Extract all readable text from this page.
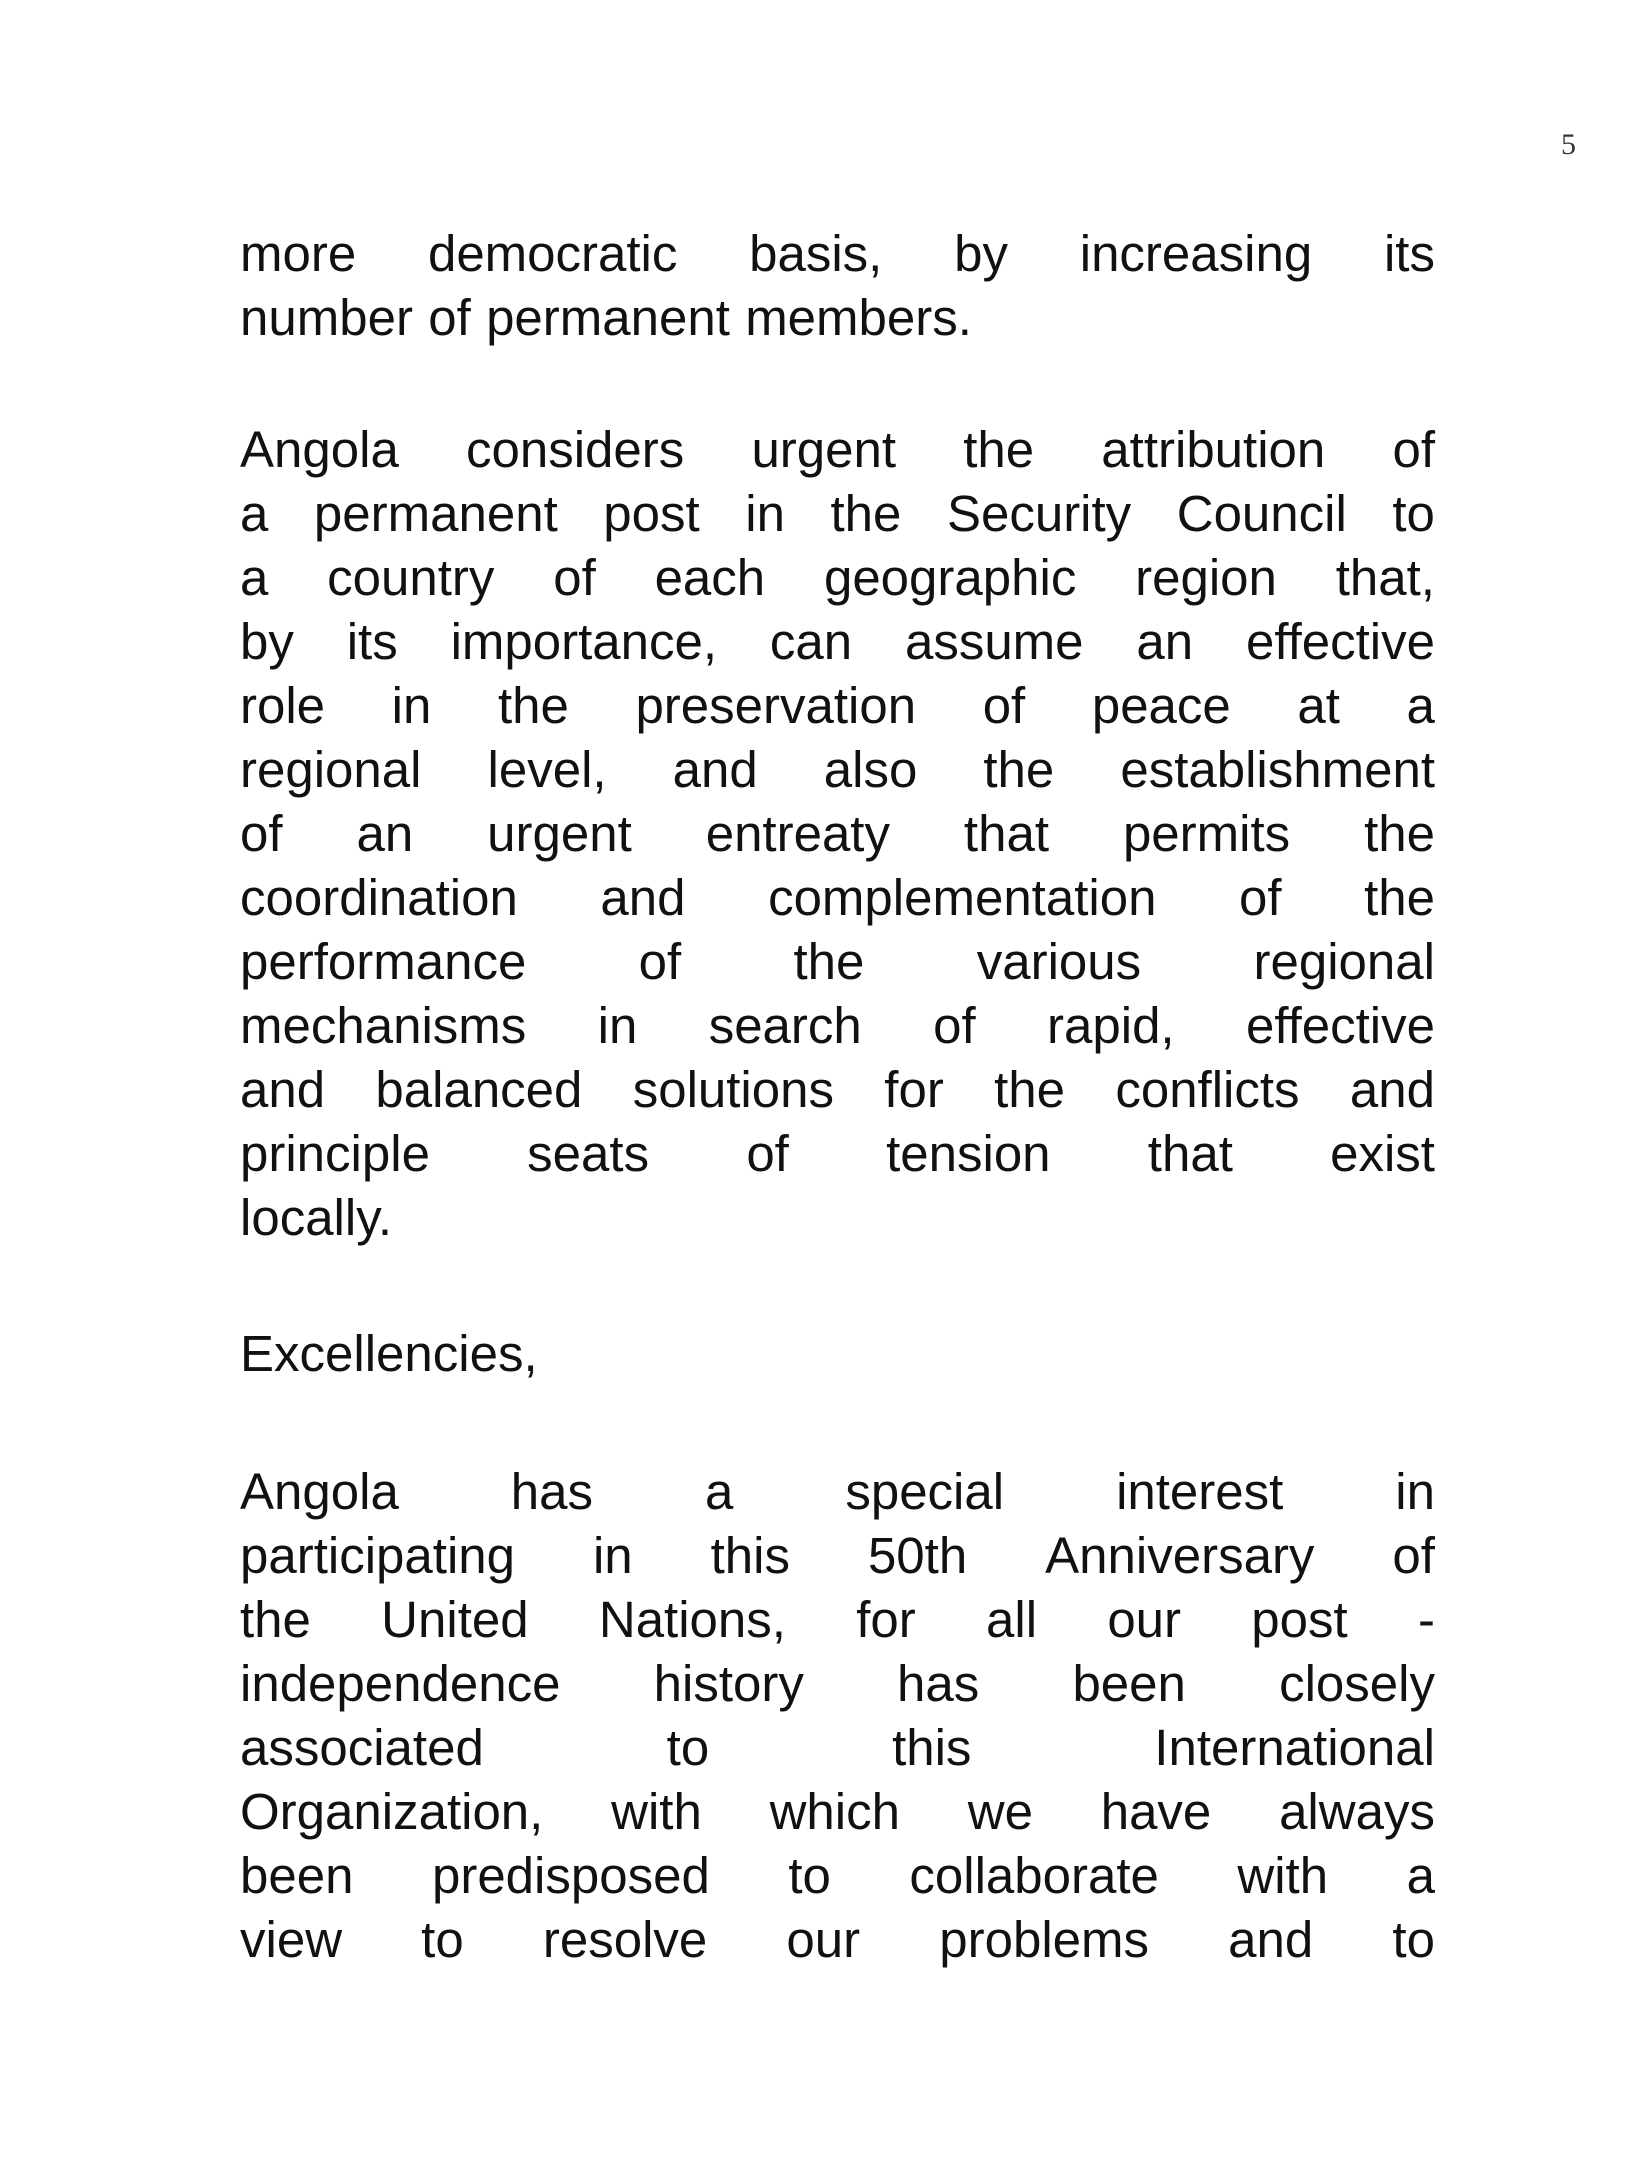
5
more democratic basis, by increasing its
number of permanent members.
Angola considers urgent the attribution of
a permanent post in the Security Council to
a country of each geographic region that,
by its importance, can assume an effective
role in the preservation of peace at a
regional level, and also the establishment
of an urgent entreaty that permits the
coordination and complementation of the
performance of the various regional
mechanisms in search of rapid, effective
and balanced solutions for the conflicts and
principle seats of tension that exist
locally.
Excellencies,
Angola has a special interest in
participating in this 50th Anniversary of
the United Nations, for all our post -
independence history has been closely
associated	to	this	International
Organization, with which we have always
been predisposed to collaborate with a
view to resolve our problems and to
